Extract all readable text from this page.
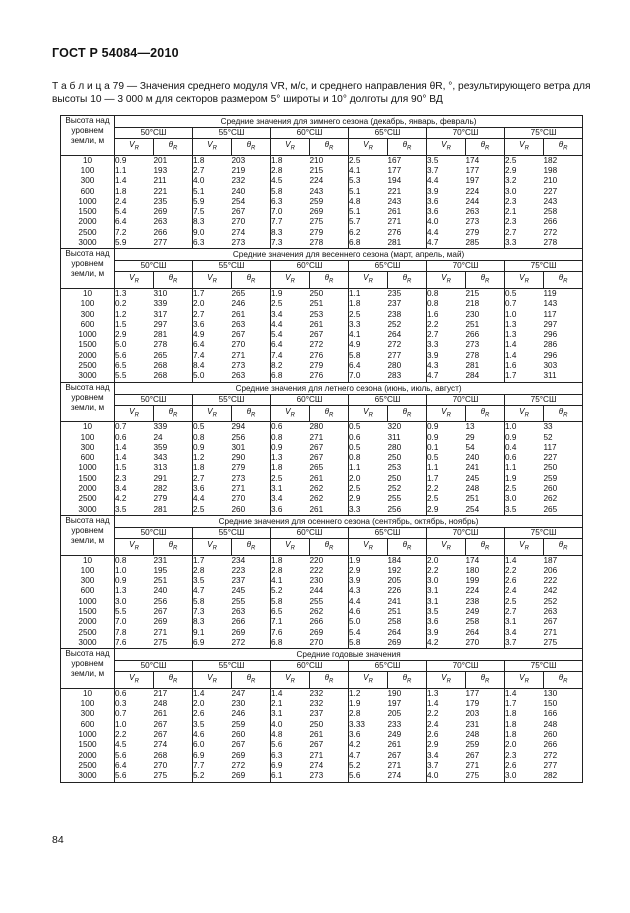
ГОСТ Р 54084—2010
Т а б л и ц а 79 — Значения среднего модуля VR, м/с, и среднего направления θR, °, результирующего ветра для высоты 10 — 3 000 м для секторов размером 5° широты и 10° долготы для 90° ВД
Высота над уровнем земли, м	Средние значения для зимнего сезона (декабрь, январь, февраль)											
	50°СШ		55°СШ		60°СШ		65°СШ		70°СШ		75°СШ	
	$V_R$	$\theta_R$	$V_R$	$\theta_R$	$V_R$	$\theta_R$	$V_R$	$\theta_R$	$V_R$	$\theta_R$	$V_R$	$\theta_R$
10	0.9	201	1.8	203	1.8	210	2.5	167	3.5	174	2.5	182
100	1.1	193	2.7	219	2.8	215	4.1	177	3.7	177	2.9	198
300	1.4	211	4.0	232	4.5	224	5.3	194	4.4	197	3.2	210
600	1.8	221	5.1	240	5.8	243	5.1	221	3.9	224	3.0	227
1000	2.4	235	5.9	254	6.3	259	4.8	243	3.6	244	2.3	243
1500	5.4	269	7.5	267	7.0	269	5.1	261	3.6	263	2.1	258
2000	6.4	263	8.3	270	7.7	275	5.7	271	4.0	273	2.3	266
2500	7.2	266	9.0	274	8.3	279	6.2	276	4.4	279	2.7	272
3000	5.9	277	6.3	273	7.3	278	6.8	281	4.7	285	3.3	278
Высота над уровнем земли, м	Средние значения для весеннего сезона (март, апрель, май)											
	50°СШ		55°СШ		60°СШ		65°СШ		70°СШ		75°СШ	
	$V_R$	$\theta_R$	$V_R$	$\theta_R$	$V_R$	$\theta_R$	$V_R$	$\theta_R$	$V_R$	$\theta_R$	$V_R$	$\theta_R$
10	1.3	310	1.7	265	1.9	250	1.1	235	0.8	215	0.5	119
100	0.2	339	2.0	246	2.5	251	1.8	237	0.8	218	0.7	143
300	1.2	317	2.7	261	3.4	253	2.5	238	1.6	230	1.0	117
600	1.5	297	3.6	263	4.4	261	3.3	252	2.2	251	1.3	297
1000	2.9	281	4.9	267	5.4	267	4.1	264	2.7	266	1.3	296
1500	5.0	278	6.4	270	6.4	272	4.9	272	3.3	273	1.4	286
2000	5.6	265	7.4	271	7.4	276	5.8	277	3.9	278	1.4	296
2500	6.5	268	8.4	273	8.2	279	6.4	280	4.3	281	1.6	303
3000	5.5	268	5.0	263	6.8	276	7.0	283	4.7	284	1.7	311
Высота над уровнем земли, м	Средние значения для летнего сезона (июнь, июль, август)											
	50°СШ		55°СШ		60°СШ		65°СШ		70°СШ		75°СШ	
	$V_R$	$\theta_R$	$V_R$	$\theta_R$	$V_R$	$\theta_R$	$V_R$	$\theta_R$	$V_R$	$\theta_R$	$V_R$	$\theta_R$
10	0.7	339	0.5	294	0.6	280	0.5	320	0.9	13	1.0	33
100	0.6	24	0.8	256	0.8	271	0.6	311	0.9	29	0.9	52
300	1.4	359	0.9	301	0.9	267	0.5	280	0.1	54	0.4	117
600	1.4	343	1.2	290	1.3	267	0.8	250	0.5	240	0.6	227
1000	1.5	313	1.8	279	1.8	265	1.1	253	1.1	241	1.1	250
1500	2.3	291	2.7	273	2.5	261	2.0	250	1.7	245	1.9	259
2000	3.4	282	3.6	271	3.1	262	2.5	252	2.2	248	2.5	260
2500	4.2	279	4.4	270	3.4	262	2.9	255	2.5	251	3.0	262
3000	3.5	281	2.5	260	3.6	261	3.3	256	2.9	254	3.5	265
Высота над уровнем земли, м	Средние значения для осеннего сезона (сентябрь, октябрь, ноябрь)											
	50°СШ		55°СШ		60°СШ		65°СШ		70°СШ		75°СШ	
	$V_R$	$\theta_R$	$V_R$	$\theta_R$	$V_R$	$\theta_R$	$V_R$	$\theta_R$	$V_R$	$\theta_R$	$V_R$	$\theta_R$
10	0.8	231	1.7	234	1.8	220	1.9	184	2.0	174	1.4	187
100	1.0	195	2.8	223	2.8	222	2.9	192	2.2	180	2.2	206
300	0.9	251	3.5	237	4.1	230	3.9	205	3.0	199	2.6	222
600	1.3	240	4.7	245	5.2	244	4.3	226	3.1	224	2.4	242
1000	3.0	256	5.8	255	5.8	255	4.4	241	3.1	238	2.5	252
1500	5.5	267	7.3	263	6.5	262	4.6	251	3.5	249	2.7	263
2000	7.0	269	8.3	266	7.1	266	5.0	258	3.6	258	3.1	267
2500	7.8	271	9.1	269	7.6	269	5.4	264	3.9	264	3.4	271
3000	7.6	275	6.9	272	6.8	270	5.8	269	4.2	270	3.7	275
Высота над уровнем земли, м	Средние годовые значения											
	50°СШ		55°СШ		60°СШ		65°СШ		70°СШ		75°СШ	
	$V_R$	$\theta_R$	$V_R$	$\theta_R$	$V_R$	$\theta_R$	$V_R$	$\theta_R$	$V_R$	$\theta_R$	$V_R$	$\theta_R$
10	0.6	217	1.4	247	1.4	232	1.2	190	1.3	177	1.4	130
100	0.3	248	2.0	230	2.1	232	1.9	197	1.4	179	1.7	150
300	0.7	261	2.6	246	3.1	237	2.8	205	2.2	203	1.8	166
600	1.0	267	3.5	259	4.0	250	3.33	233	2.4	231	1.8	248
1000	2.2	267	4.6	260	4.8	261	3.6	249	2.6	248	1.8	260
1500	4.5	274	6.0	267	5.6	267	4.2	261	2.9	259	2.0	266
2000	5.6	268	6.9	269	6.3	271	4.7	267	3.4	267	2.3	272
2500	6.4	270	7.7	272	6.9	274	5.2	271	3.7	271	2.6	277
3000	5.6	275	5.2	269	6.1	273	5.6	274	4.0	275	3.0	282
84
